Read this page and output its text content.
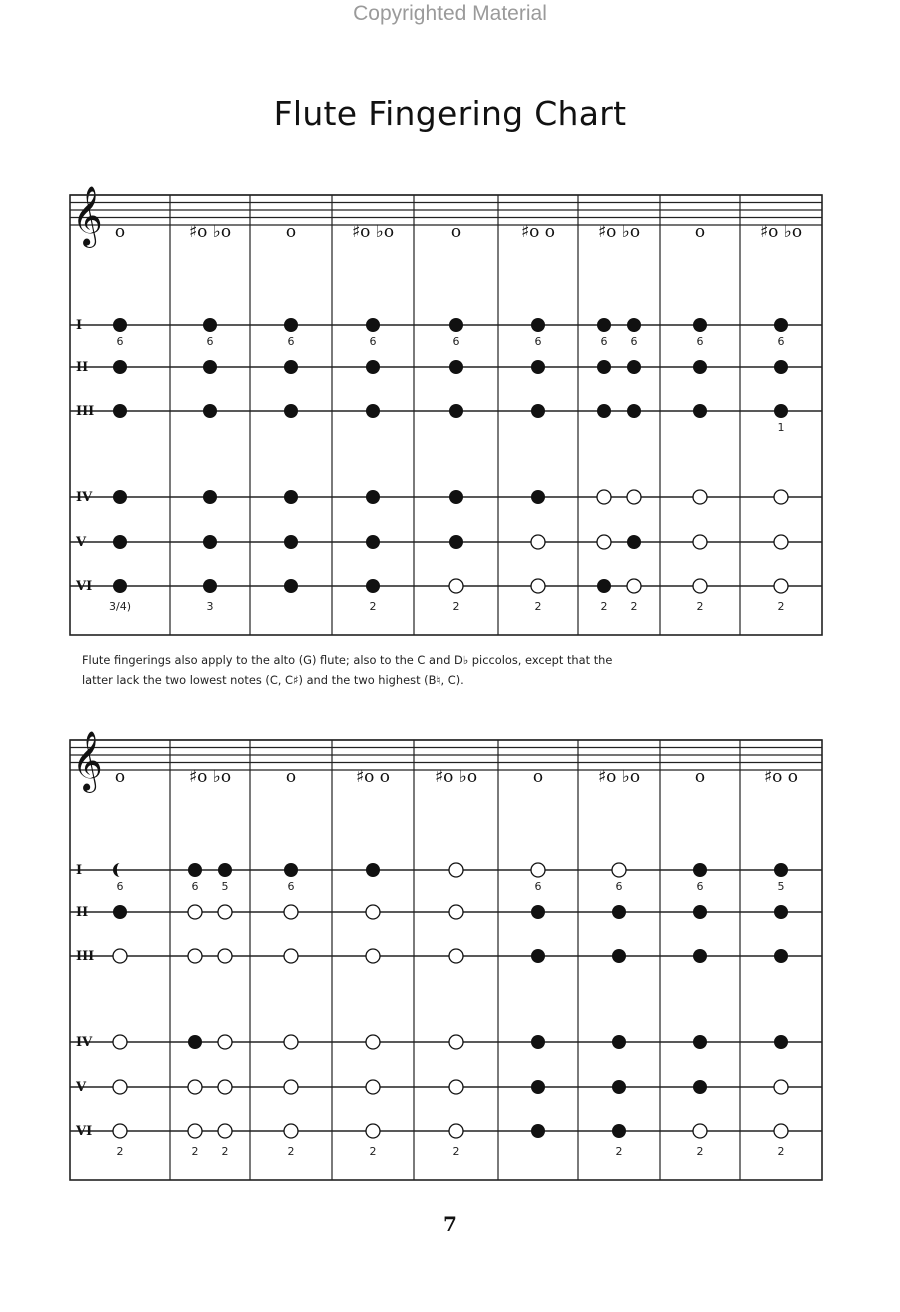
Copyrighted Material
Flute Fingering Chart
𝄞
I
II
III
IV
V
VI
o
6
3/4)
♯o ♭o
6
3
o
6
♯o ♭o
6
2
o
6
2
♯o o
6
2
♯o ♭o
6 6
2 2
o
6
2
♯o ♭o
6
1
2
Flute fingerings also apply to the alto (G) flute; also to the C and D♭ piccolos, except that the
latter lack the two lowest notes (C, C♯) and the two highest (B♮, C).
𝄞
I
II
III
IV
V
VI
o
6
2
♯o ♭o
6 5
2 2
o
6
2
♯o o
2
♯o ♭o
2
o
6
♯o ♭o
6
2
o
6
2
♯o o
5
2
7
